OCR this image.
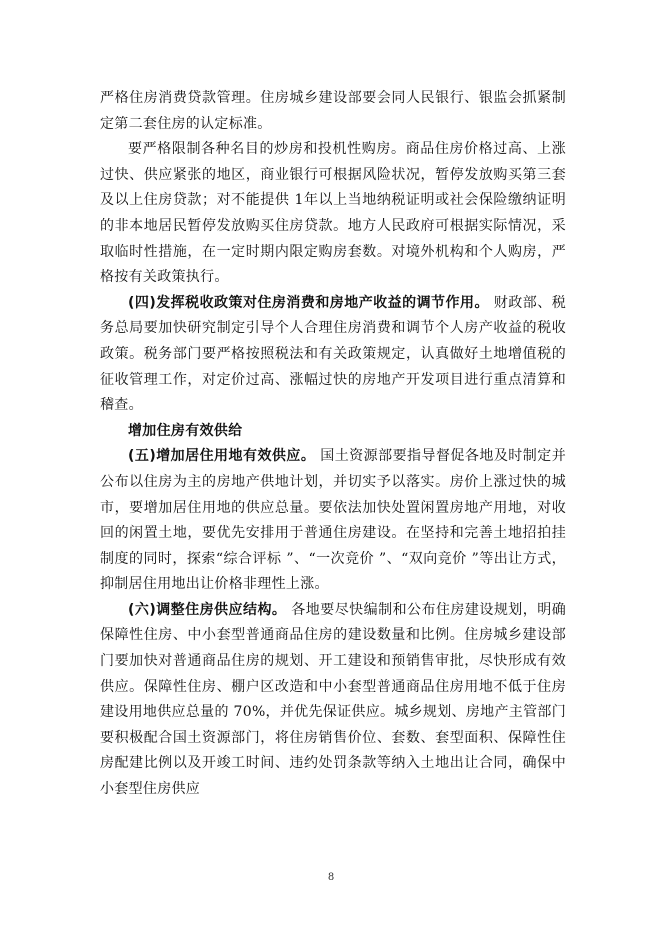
严格住房消费贷款管理。住房城乡建设部要会同人民银行、银监会抓紧制定第二套住房的认定标准。

要严格限制各种名目的炒房和投机性购房。商品住房价格过高、上涨过快、供应紧张的地区，商业银行可根据风险状况，暂停发放购买第三套及以上住房贷款；对不能提供 1年以上当地纳税证明或社会保险缴纳证明的非本地居民暂停发放购买住房贷款。地方人民政府可根据实际情况，采取临时性措施，在一定时期内限定购房套数。对境外机构和个人购房，严格按有关政策执行。

(四)发挥税收政策对住房消费和房地产收益的调节作用。 财政部、税务总局要加快研究制定引导个人合理住房消费和调节个人房产收益的税收政策。税务部门要严格按照税法和有关政策规定，认真做好土地增值税的征收管理工作，对定价过高、涨幅过快的房地产开发项目进行重点清算和稽查。

增加住房有效供给

(五)增加居住用地有效供应。 国土资源部要指导督促各地及时制定并公布以住房为主的房地产供地计划，并切实予以落实。房价上涨过快的城市，要增加居住用地的供应总量。要依法加快处置闲置房地产用地，对收回的闲置土地，要优先安排用于普通住房建设。在坚持和完善土地招拍挂制度的同时，探索“综合评标 ”、“一次竞价 ”、“双向竞价 ”等出让方式，抑制居住用地出让价格非理性上涨。

(六)调整住房供应结构。 各地要尽快编制和公布住房建设规划，明确保障性住房、中小套型普通商品住房的建设数量和比例。住房城乡建设部门要加快对普通商品住房的规划、开工建设和预销售审批，尽快形成有效供应。保障性住房、棚户区改造和中小套型普通商品住房用地不低于住房建设用地供应总量的 70%，并优先保证供应。城乡规划、房地产主管部门要积极配合国土资源部门，将住房销售价位、套数、套型面积、保障性住房配建比例以及开竣工时间、违约处罚条款等纳入土地出让合同，确保中小套型住房供应

8
